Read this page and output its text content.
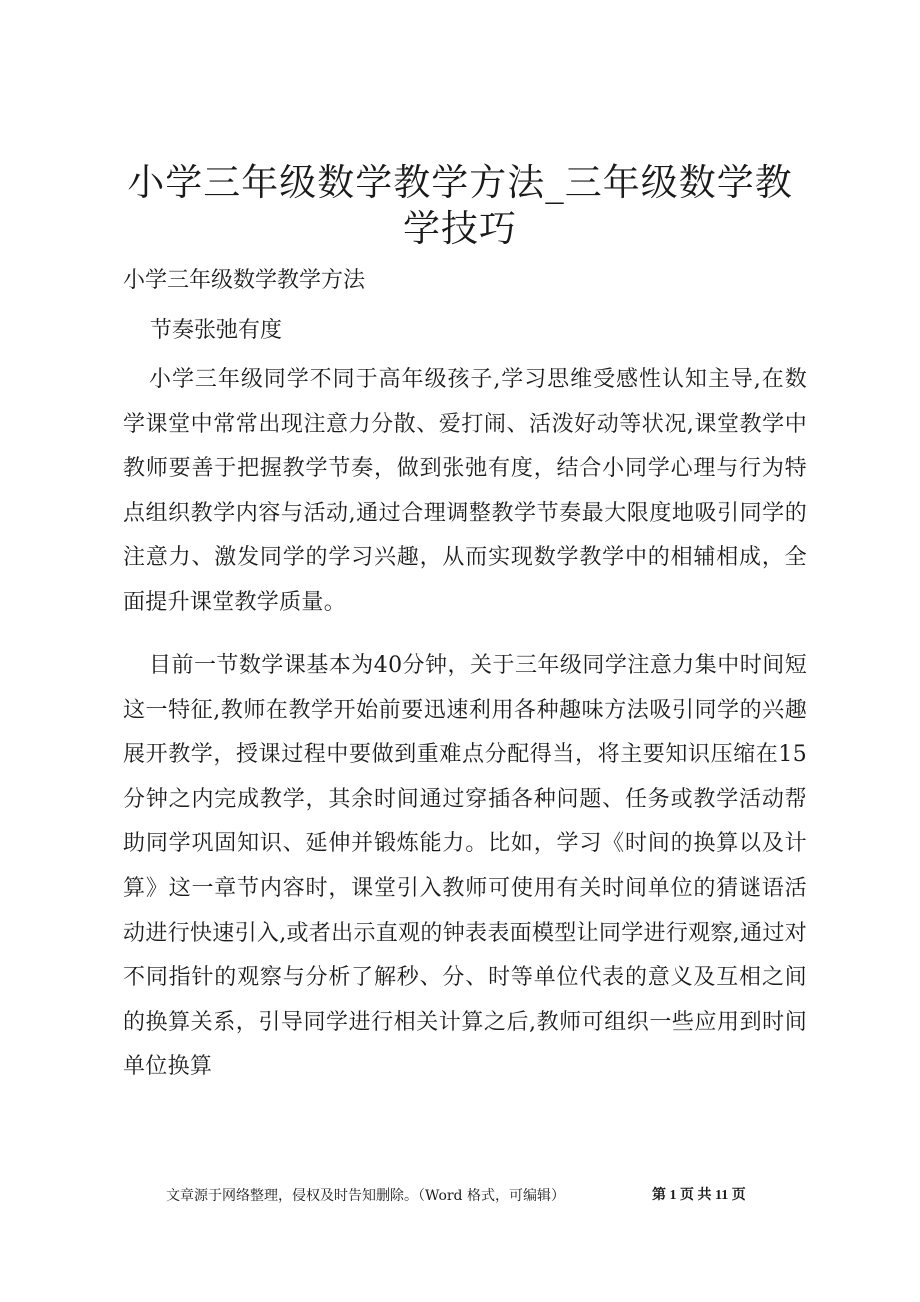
小学三年级数学教学方法_三年级数学教学技巧

小学三年级数学教学方法

节奏张弛有度

小学三年级同学不同于高年级孩子,学习思维受感性认知主导,在数学课堂中常常出现注意力分散、爱打闹、活泼好动等状况,课堂教学中教师要善于把握教学节奏，做到张弛有度，结合小同学心理与行为特点组织教学内容与活动,通过合理调整教学节奏最大限度地吸引同学的注意力、激发同学的学习兴趣，从而实现数学教学中的相辅相成，全面提升课堂教学质量。

目前一节数学课基本为40分钟，关于三年级同学注意力集中时间短这一特征,教师在教学开始前要迅速利用各种趣味方法吸引同学的兴趣展开教学，授课过程中要做到重难点分配得当，将主要知识压缩在15分钟之内完成教学，其余时间通过穿插各种问题、任务或教学活动帮助同学巩固知识、延伸并锻炼能力。比如，学习《时间的换算以及计算》这一章节内容时，课堂引入教师可使用有关时间单位的猜谜语活动进行快速引入,或者出示直观的钟表表面模型让同学进行观察,通过对不同指针的观察与分析了解秒、分、时等单位代表的意义及互相之间的换算关系，引导同学进行相关计算之后,教师可组织一些应用到时间单位换算

文章源于网络整理，侵权及时告知删除。（Word 格式，可编辑）	第 1 页 共 11 页
